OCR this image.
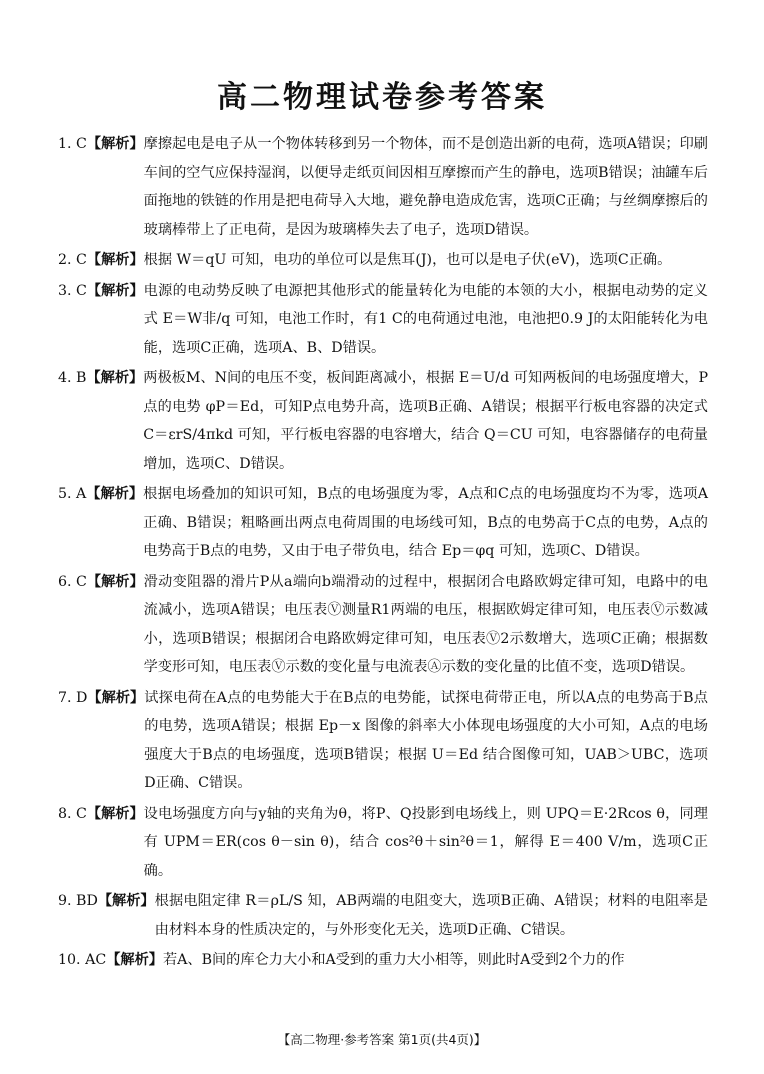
高二物理试卷参考答案
1. C 【解析】 摩擦起电是电子从一个物体转移到另一个物体，而不是创造出新的电荷，选项A错误；印刷车间的空气应保持湿润，以便导走纸页间因相互摩擦而产生的静电，选项B错误；油罐车后面拖地的铁链的作用是把电荷导入大地，避免静电造成危害，选项C正确；与丝绸摩擦后的玻璃棒带上了正电荷，是因为玻璃棒失去了电子，选项D错误。
2. C 【解析】 根据 W＝qU 可知，电功的单位可以是焦耳(J)，也可以是电子伏(eV)，选项C正确。
3. C 【解析】 电源的电动势反映了电源把其他形式的能量转化为电能的本领的大小，根据电动势的定义式 E＝W非/q 可知，电池工作时，有1 C的电荷通过电池，电池把0.9 J的太阳能转化为电能，选项C正确，选项A、B、D错误。
4. B 【解析】 两极板M、N间的电压不变，板间距离减小，根据 E＝U/d 可知两板间的电场强度增大，P点的电势 φP＝Ed，可知P点电势升高，选项B正确、A错误；根据平行板电容器的决定式 C＝εrS/4πkd 可知，平行板电容器的电容增大，结合 Q＝CU 可知，电容器储存的电荷量增加，选项C、D错误。
5. A 【解析】 根据电场叠加的知识可知，B点的电场强度为零，A点和C点的电场强度均不为零，选项A正确、B错误；粗略画出两点电荷周围的电场线可知，B点的电势高于C点的电势，A点的电势高于B点的电势，又由于电子带负电，结合 Ep＝φq 可知，选项C、D错误。
6. C 【解析】 滑动变阻器的滑片P从a端向b端滑动的过程中，根据闭合电路欧姆定律可知，电路中的电流减小，选项A错误；电压表Ⓥ测量R1两端的电压，根据欧姆定律可知，电压表Ⓥ示数减小，选项B错误；根据闭合电路欧姆定律可知，电压表Ⓥ2示数增大，选项C正确；根据数学变形可知，电压表Ⓥ示数的变化量与电流表Ⓐ示数的变化量的比值不变，选项D错误。
7. D 【解析】 试探电荷在A点的电势能大于在B点的电势能，试探电荷带正电，所以A点的电势高于B点的电势，选项A错误；根据 Ep－x 图像的斜率大小体现电场强度的大小可知，A点的电场强度大于B点的电场强度，选项B错误；根据 U＝Ed 结合图像可知，UAB＞UBC，选项D正确、C错误。
8. C 【解析】 设电场强度方向与y轴的夹角为θ，将P、Q投影到电场线上，则 UPQ＝E·2Rcos θ，同理有 UPM＝ER(cos θ－sin θ)，结合 cos²θ＋sin²θ＝1，解得 E＝400 V/m，选项C正确。
9. BD 【解析】 根据电阻定律 R＝ρL/S 知，AB两端的电阻变大，选项B正确、A错误；材料的电阻率是由材料本身的性质决定的，与外形变化无关，选项D正确、C错误。
10. AC 【解析】 若A、B间的库仑力大小和A受到的重力大小相等，则此时A受到2个力的作
【高二物理·参考答案 第1页(共4页)】
